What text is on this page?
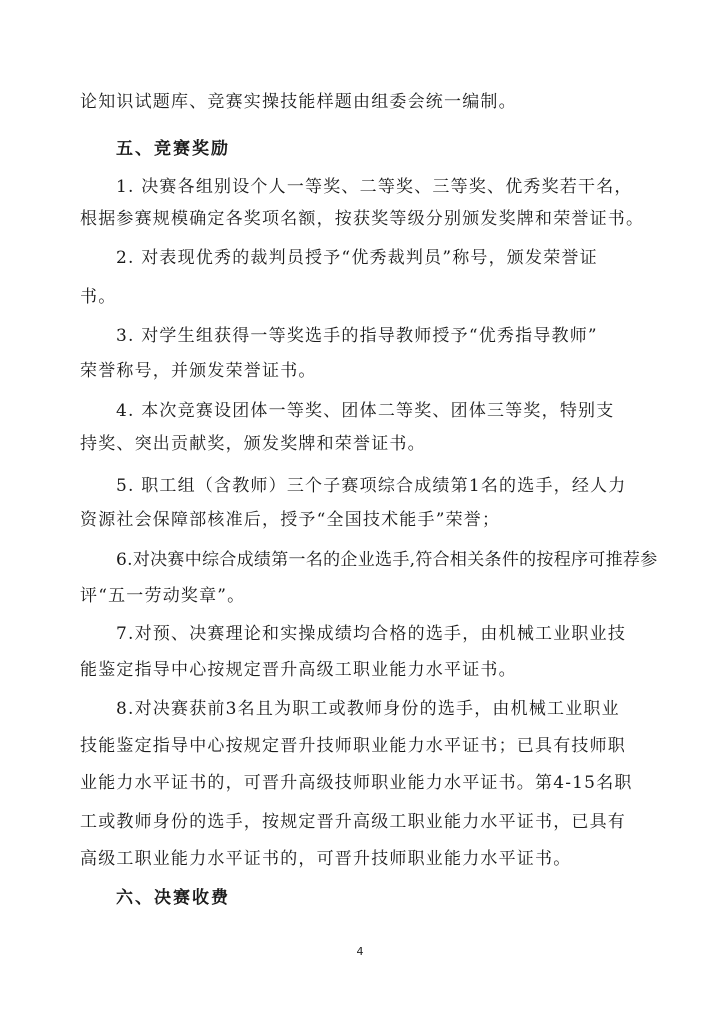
论知识试题库、竞赛实操技能样题由组委会统一编制。
五、竞赛奖励
1. 决赛各组别设个人一等奖、二等奖、三等奖、优秀奖若干名，
根据参赛规模确定各奖项名额，按获奖等级分别颁发奖牌和荣誉证书。
2. 对表现优秀的裁判员授予“优秀裁判员”称号，颁发荣誉证
书。
3. 对学生组获得一等奖选手的指导教师授予“优秀指导教师”
荣誉称号，并颁发荣誉证书。
4. 本次竞赛设团体一等奖、团体二等奖、团体三等奖，特别支
持奖、突出贡献奖，颁发奖牌和荣誉证书。
5. 职工组（含教师）三个子赛项综合成绩第1名的选手，经人力
资源社会保障部核准后，授予“全国技术能手”荣誉；
6.对决赛中综合成绩第一名的企业选手,符合相关条件的按程序可推荐参
评“五一劳动奖章”。
7.对预、决赛理论和实操成绩均合格的选手，由机械工业职业技
能鉴定指导中心按规定晋升高级工职业能力水平证书。
8.对决赛获前3名且为职工或教师身份的选手，由机械工业职业
技能鉴定指导中心按规定晋升技师职业能力水平证书；已具有技师职
业能力水平证书的，可晋升高级技师职业能力水平证书。第4-15名职
工或教师身份的选手，按规定晋升高级工职业能力水平证书，已具有
高级工职业能力水平证书的，可晋升技师职业能力水平证书。
六、决赛收费
4
